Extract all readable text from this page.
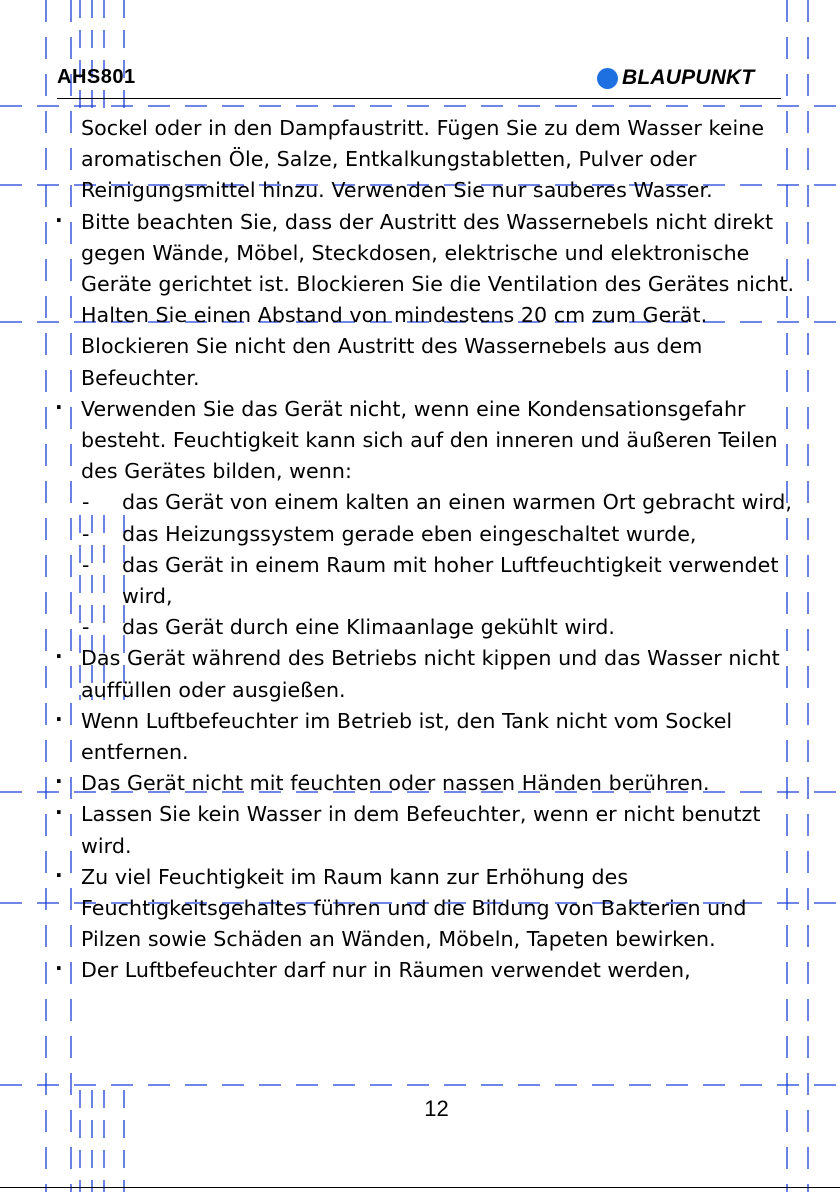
AHS801	BLAUPUNKT

Sockel oder in den Dampfaustritt. Fügen Sie zu dem Wasser keine aromatischen Öle, Salze, Entkalkungstabletten, Pulver oder Reinigungsmittel hinzu. Verwenden Sie nur sauberes Wasser.

· Bitte beachten Sie, dass der Austritt des Wassernebels nicht direkt gegen Wände, Möbel, Steckdosen, elektrische und elektronische Geräte gerichtet ist. Blockieren Sie die Ventilation des Gerätes nicht. Halten Sie einen Abstand von mindestens 20 cm zum Gerät. Blockieren Sie nicht den Austritt des Wassernebels aus dem Befeuchter.

· Verwenden Sie das Gerät nicht, wenn eine Kondensationsgefahr besteht. Feuchtigkeit kann sich auf den inneren und äußeren Teilen des Gerätes bilden, wenn:

- das Gerät von einem kalten an einen warmen Ort gebracht wird,
- das Heizungssystem gerade eben eingeschaltet wurde,
- das Gerät in einem Raum mit hoher Luftfeuchtigkeit verwendet wird,
- das Gerät durch eine Klimaanlage gekühlt wird.

· Das Gerät während des Betriebs nicht kippen und das Wasser nicht auffüllen oder ausgießen.

· Wenn Luftbefeuchter im Betrieb ist, den Tank nicht vom Sockel entfernen.

· Das Gerät nicht mit feuchten oder nassen Händen berühren.

· Lassen Sie kein Wasser in dem Befeuchter, wenn er nicht benutzt wird.

· Zu viel Feuchtigkeit im Raum kann zur Erhöhung des Feuchtigkeitsgehaltes führen und die Bildung von Bakterien und Pilzen sowie Schäden an Wänden, Möbeln, Tapeten bewirken.

· Der Luftbefeuchter darf nur in Räumen verwendet werden,

12
